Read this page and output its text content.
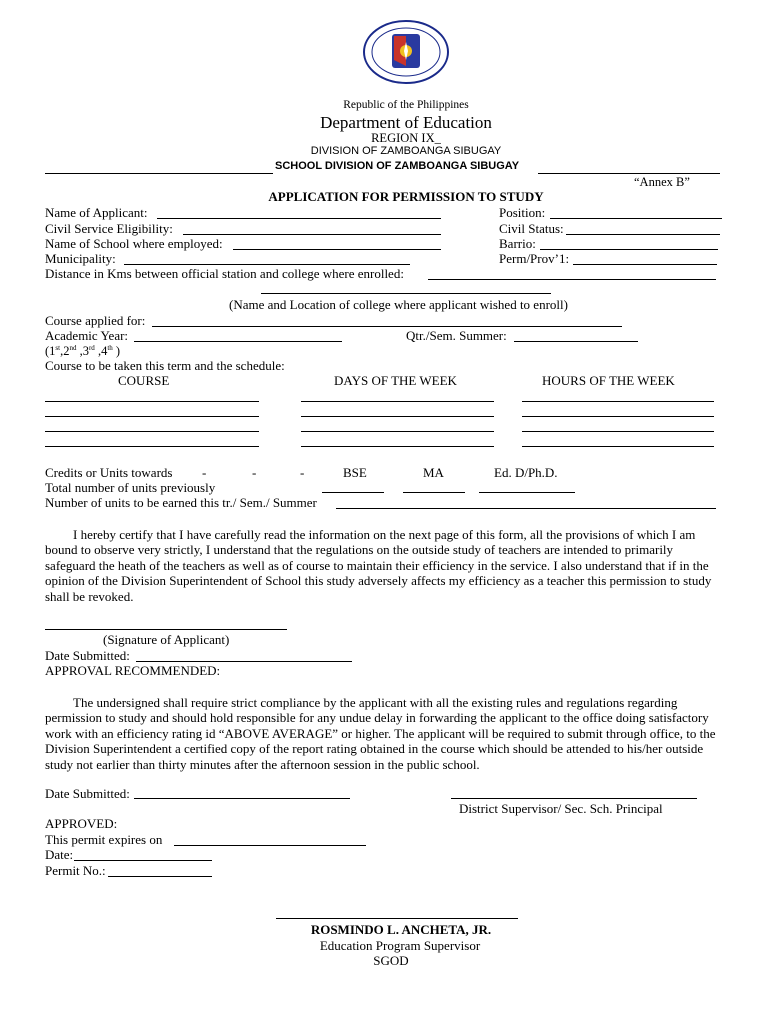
Republic of the Philippines
Department of Education
REGION IX_
DIVISION OF ZAMBOANGA SIBUGAY
SCHOOL DIVISION OF ZAMBOANGA SIBUGAY
“Annex B”
APPLICATION FOR PERMISSION TO STUDY
Name of Applicant:	Position:
Civil Service Eligibility:	Civil Status:
Name of School where employed:	Barrio:
Municipality:	Perm/Prov’1:
Distance in Kms between official station and college where enrolled:
(Name and Location of college where applicant wished to enroll)
Course applied for:
Academic Year:	Qtr./Sem. Summer:
(1st,2nd ,3rd ,4th )
Course to be taken this term and the schedule:
COURSE	DAYS OF THE WEEK	HOURS OF THE WEEK
Credits or Units towards -	-	-	BSE	MA	Ed. D/Ph.D.
Total number of units previously
Number of units to be earned this tr./ Sem./ Summer
I hereby certify that I have carefully read the information on the next page of this form, all the provisions of which I am bound to observe very strictly, I understand that the regulations on the outside study of teachers are intended to primarily safeguard the heath of the teachers as well as of course to maintain their efficiency in the service. I also understand that if in the opinion of the Division Superintendent of School this study adversely affects my efficiency as a teacher this permission to study shall be revoked.
(Signature of Applicant)
Date Submitted:
APPROVAL RECOMMENDED:
The undersigned shall require strict compliance by the applicant with all the existing rules and regulations regarding permission to study and should hold responsible for any undue delay in forwarding the applicant to the office doing satisfactory work with an efficiency rating id “ABOVE AVERAGE” or higher. The applicant will be required to submit through office, to the Division Superintendent a certified copy of the report rating obtained in the course which should be attended to his/her outside study not earlier than thirty minutes after the afternoon session in the public school.
Date Submitted:
District Supervisor/ Sec. Sch. Principal
APPROVED:
This permit expires on
Date:
Permit No.:
ROSMINDO L. ANCHETA, JR.
Education Program Supervisor
SGOD
